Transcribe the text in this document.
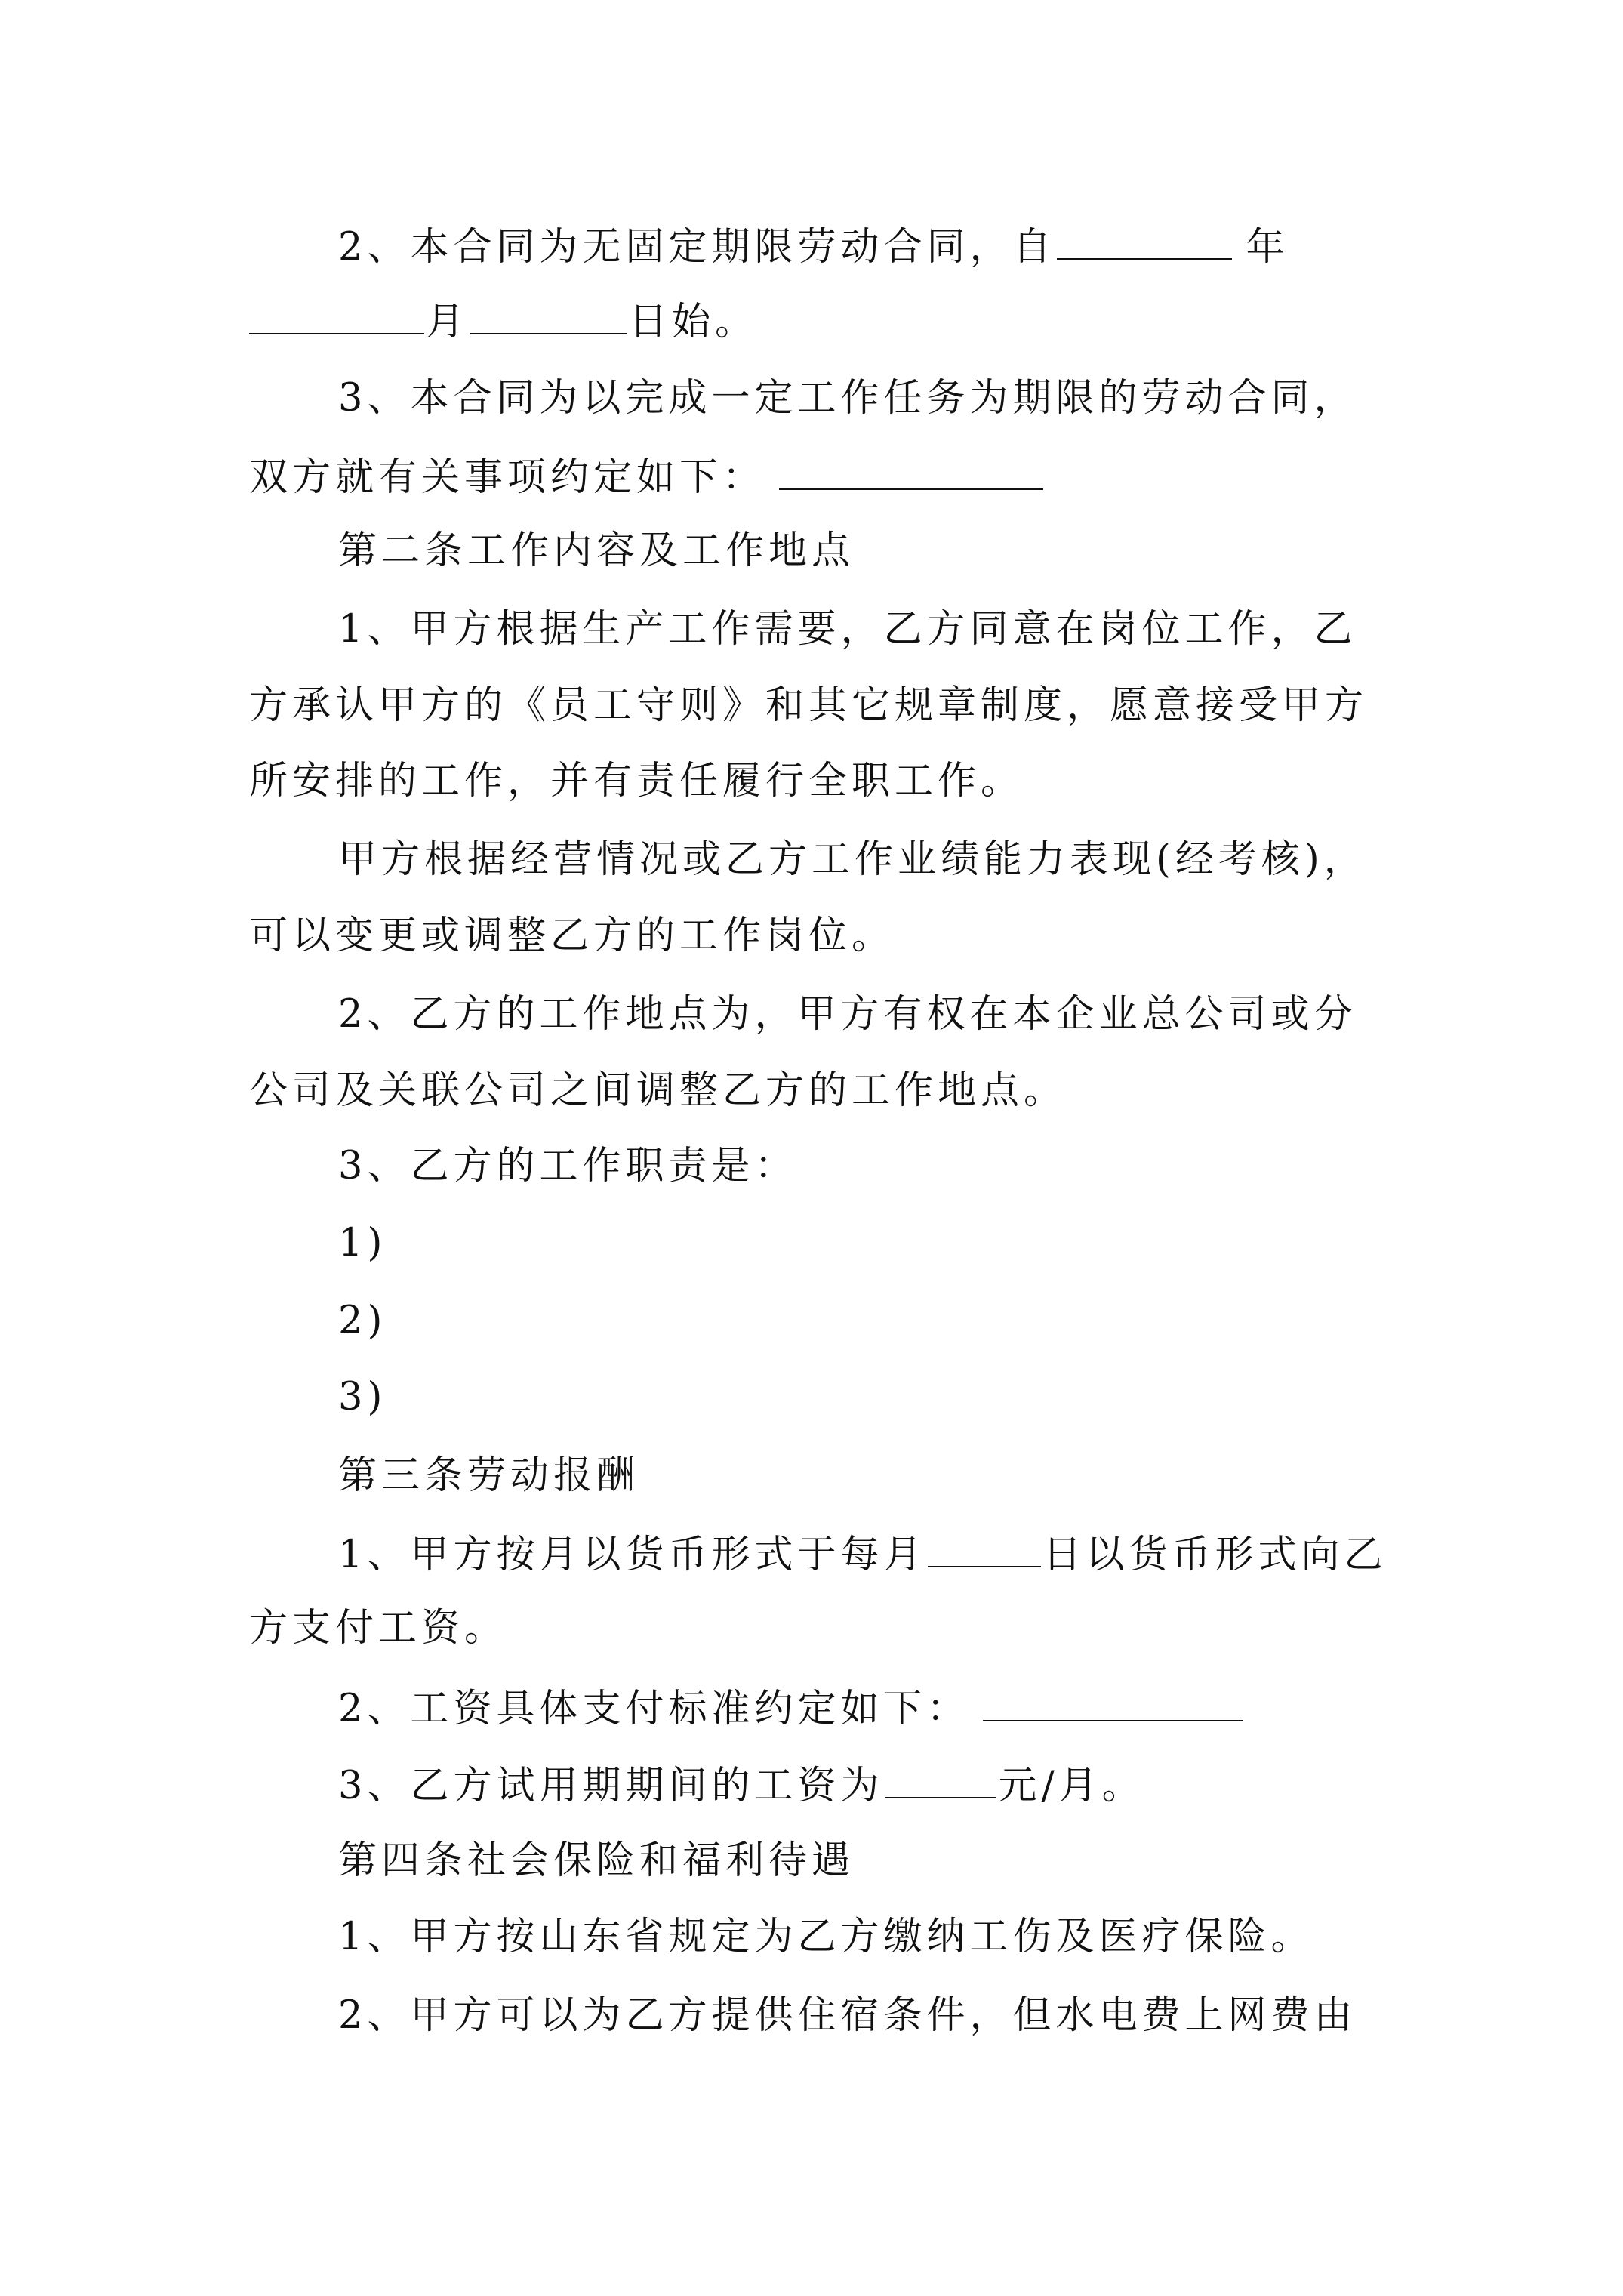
2、本合同为无固定期限劳动合同，自	年
月	日始。
3、本合同为以完成一定工作任务为期限的劳动合同，
双方就有关事项约定如下：
第二条工作内容及工作地点
1、甲方根据生产工作需要，乙方同意在岗位工作，乙
方承认甲方的《员工守则》和其它规章制度，愿意接受甲方
所安排的工作，并有责任履行全职工作。
甲方根据经营情况或乙方工作业绩能力表现(经考核)，
可以变更或调整乙方的工作岗位。
2、乙方的工作地点为，甲方有权在本企业总公司或分
公司及关联公司之间调整乙方的工作地点。
3、乙方的工作职责是：
1)
2)
3)
第三条劳动报酬
1、甲方按月以货币形式于每月	日以货币形式向乙
方支付工资。
2、工资具体支付标准约定如下：
3、乙方试用期期间的工资为	元/月。
第四条社会保险和福利待遇
1、甲方按山东省规定为乙方缴纳工伤及医疗保险。
2、甲方可以为乙方提供住宿条件，但水电费上网费由
